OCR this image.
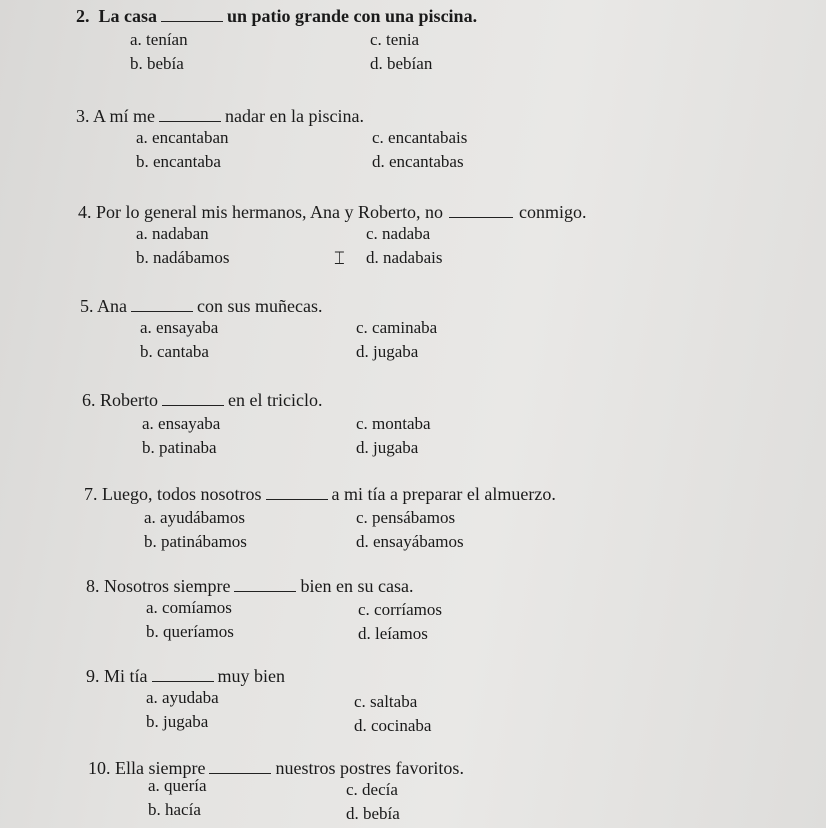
2. La casa	un patio grande con una piscina.
a. tenían	c. tenia
b. bebía	d. bebían
3. A mí me	nadar en la piscina.
a. encantaban	c. encantabais
b. encantaba	d. encantabas
4. Por lo general mis hermanos, Ana y Roberto, no	conmigo.
a. nadaban	c. nadaba
b. nadábamos	d. nadabais
5. Ana	con sus muñecas.
a. ensayaba	c. caminaba
b. cantaba	d. jugaba
6. Roberto	en el triciclo.
a. ensayaba	c. montaba
b. patinaba	d. jugaba
7. Luego, todos nosotros	a mi tía a preparar el almuerzo.
a. ayudábamos	c. pensábamos
b. patinábamos	d. ensayábamos
8. Nosotros siempre	bien en su casa.
a. comíamos	c. corríamos
b. queríamos	d. leíamos
9. Mi tía	muy bien
a. ayudaba	c. saltaba
b. jugaba	d. cocinaba
10. Ella siempre	nuestros postres favoritos.
a. quería	c. decía
b. hacía	d. bebía
⌶
